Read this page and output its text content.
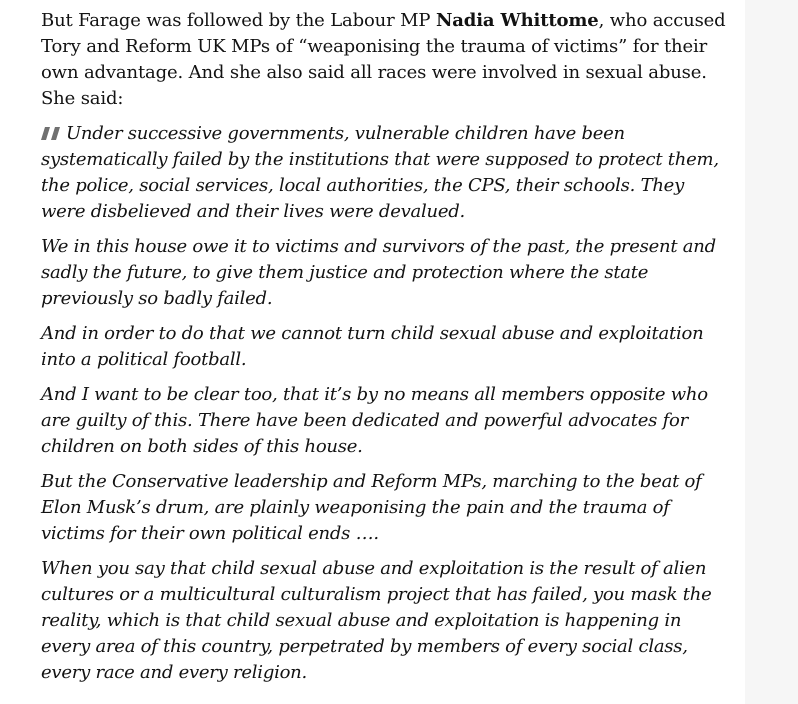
But Farage was followed by the Labour MP Nadia Whittome, who accused Tory and Reform UK MPs of “weaponising the trauma of victims” for their own advantage. And she also said all races were involved in sexual abuse. She said:

Under successive governments, vulnerable children have been systematically failed by the institutions that were supposed to protect them, the police, social services, local authorities, the CPS, their schools. They were disbelieved and their lives were devalued.

We in this house owe it to victims and survivors of the past, the present and sadly the future, to give them justice and protection where the state previously so badly failed.

And in order to do that we cannot turn child sexual abuse and exploitation into a political football.

And I want to be clear too, that it’s by no means all members opposite who are guilty of this. There have been dedicated and powerful advocates for children on both sides of this house.

But the Conservative leadership and Reform MPs, marching to the beat of Elon Musk’s drum, are plainly weaponising the pain and the trauma of victims for their own political ends ….

When you say that child sexual abuse and exploitation is the result of alien cultures or a multicultural culturalism project that has failed, you mask the reality, which is that child sexual abuse and exploitation is happening in every area of this country, perpetrated by members of every social class, every race and every religion.
